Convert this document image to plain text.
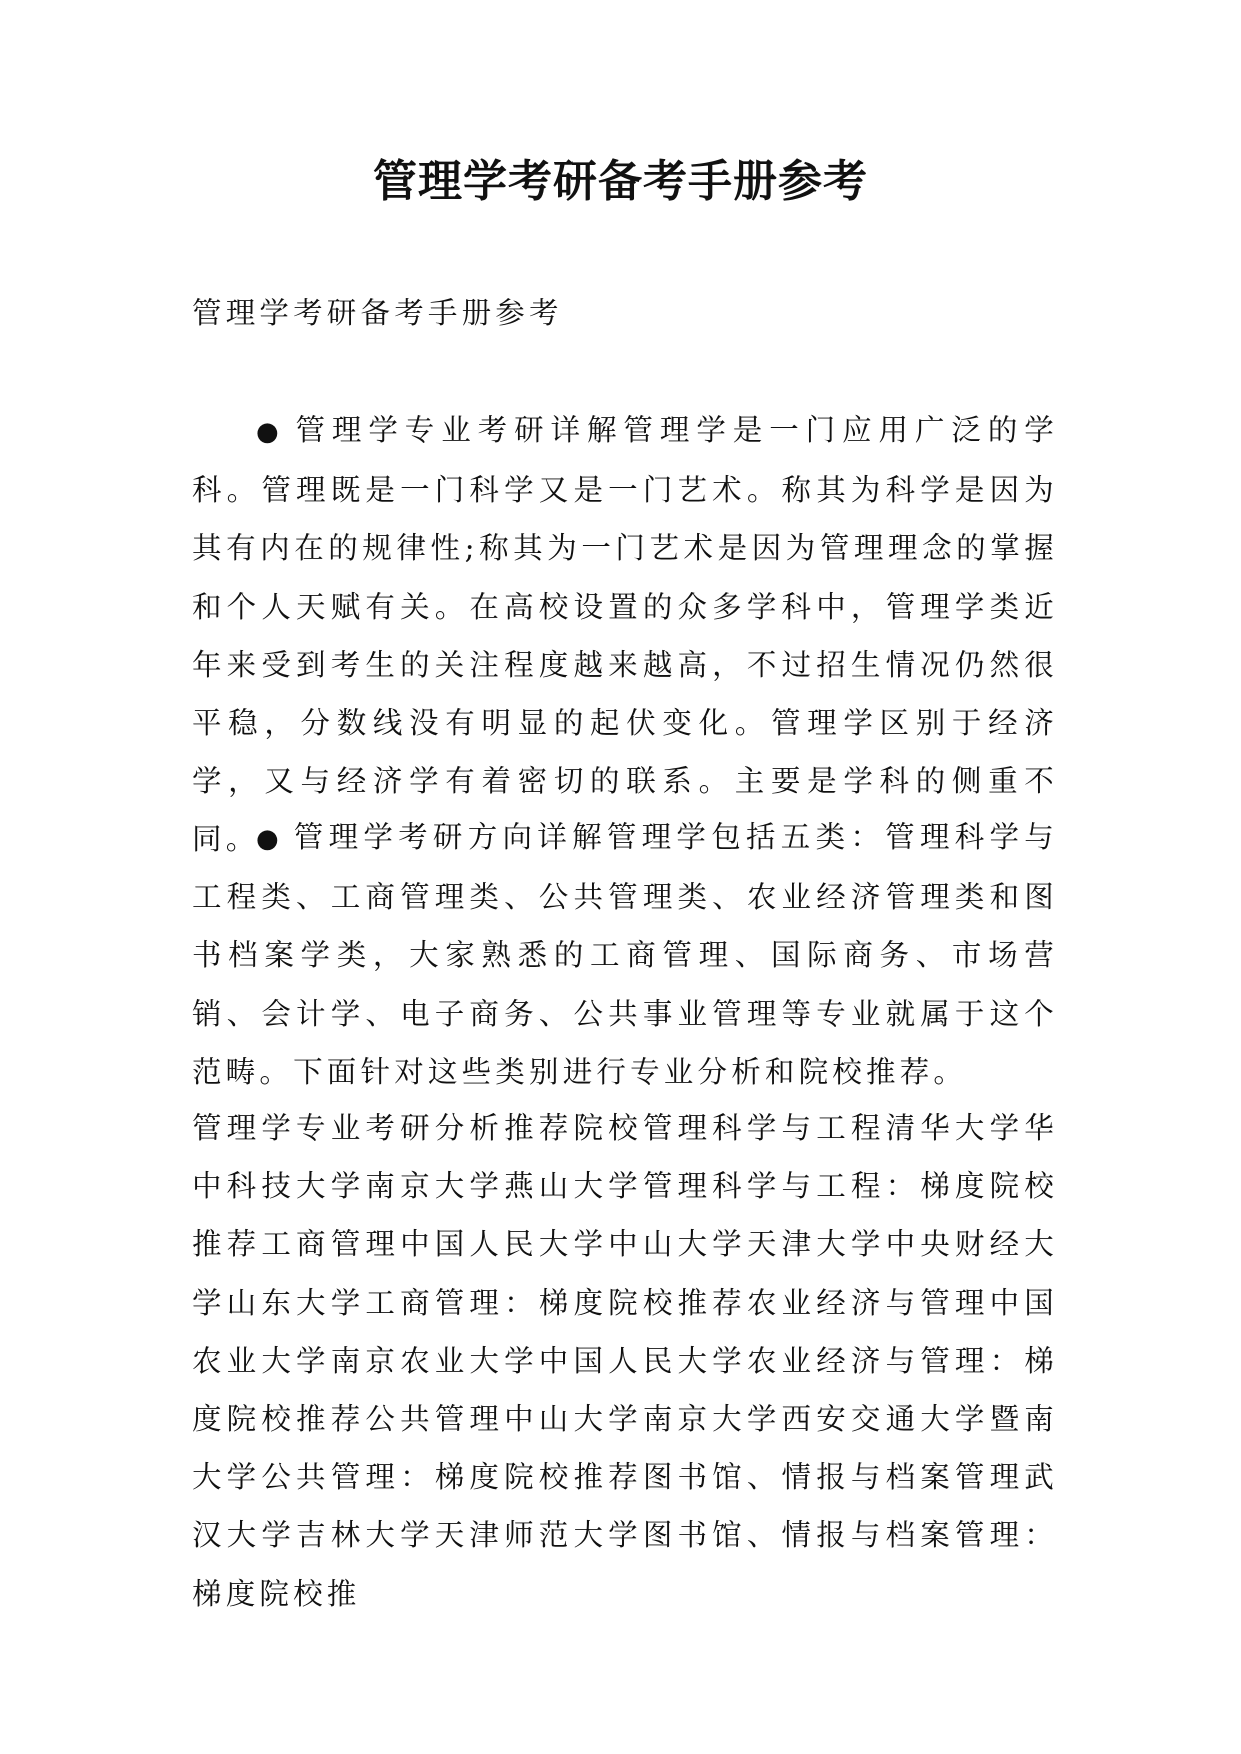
管理学考研备考手册参考

管理学考研备考手册参考

● 管理学专业考研详解管理学是一门应用广泛的学科。管理既是一门科学又是一门艺术。称其为科学是因为其有内在的规律性;称其为一门艺术是因为管理理念的掌握和个人天赋有关。在高校设置的众多学科中，管理学类近年来受到考生的关注程度越来越高，不过招生情况仍然很平稳，分数线没有明显的起伏变化。管理学区别于经济学，又与经济学有着密切的联系。主要是学科的侧重不同。

● 管理学考研方向详解管理学包括五类：管理科学与工程类、工商管理类、公共管理类、农业经济管理类和图书档案学类，大家熟悉的工商管理、国际商务、市场营销、会计学、电子商务、公共事业管理等专业就属于这个范畴。下面针对这些类别进行专业分析和院校推荐。

管理学专业考研分析推荐院校管理科学与工程清华大学华中科技大学南京大学燕山大学管理科学与工程：梯度院校推荐工商管理中国人民大学中山大学天津大学中央财经大学山东大学工商管理：梯度院校推荐农业经济与管理中国农业大学南京农业大学中国人民大学农业经济与管理：梯度院校推荐公共管理中山大学南京大学西安交通大学暨南大学公共管理：梯度院校推荐图书馆、情报与档案管理武汉大学吉林大学天津师范大学图书馆、情报与档案管理：梯度院校推
